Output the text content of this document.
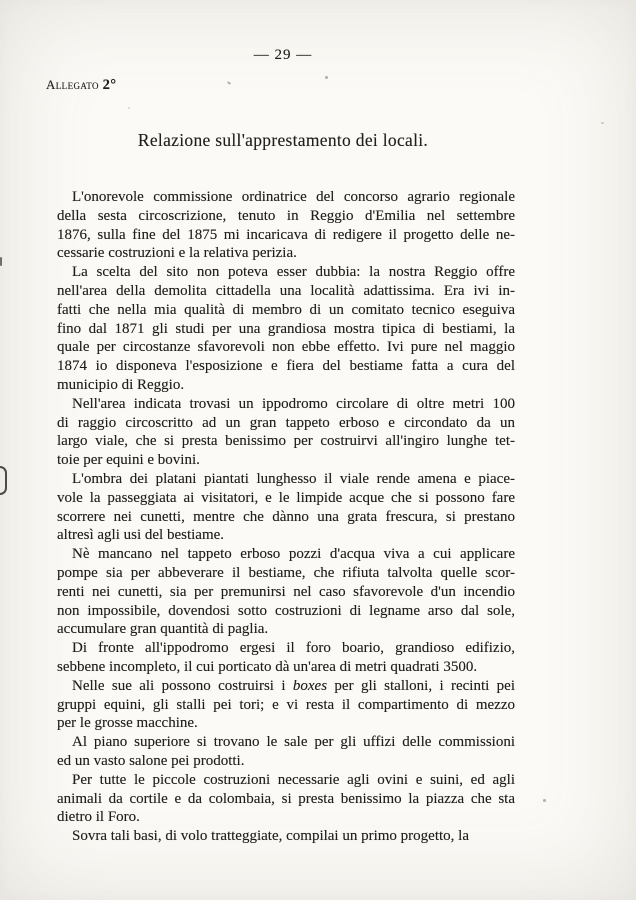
— 29 —
Allegato 2°
Relazione sull'apprestamento dei locali.
L'onorevole commissione ordinatrice del concorso agrario regionale
della sesta circoscrizione, tenuto in Reggio d'Emilia nel settembre
1876, sulla fine del 1875 mi incaricava di redigere il progetto delle ne-
cessarie costruzioni e la relativa perizia.
La scelta del sito non poteva esser dubbia: la nostra Reggio offre
nell'area della demolita cittadella una località adattissima. Era ivi in-
fatti che nella mia qualità di membro di un comitato tecnico eseguiva
fino dal 1871 gli studi per una grandiosa mostra tipica di bestiami, la
quale per circostanze sfavorevoli non ebbe effetto. Ivi pure nel maggio
1874 io disponeva l'esposizione e fiera del bestiame fatta a cura del
municipio di Reggio.
Nell'area indicata trovasi un ippodromo circolare di oltre metri 100
di raggio circoscritto ad un gran tappeto erboso e circondato da un
largo viale, che si presta benissimo per costruirvi all'ingiro lunghe tet-
toie per equini e bovini.
L'ombra dei platani piantati lunghesso il viale rende amena e piace-
vole la passeggiata ai visitatori, e le limpide acque che si possono fare
scorrere nei cunetti, mentre che dànno una grata frescura, si prestano
altresì agli usi del bestiame.
Nè mancano nel tappeto erboso pozzi d'acqua viva a cui applicare
pompe sia per abbeverare il bestiame, che rifiuta talvolta quelle scor-
renti nei cunetti, sia per premunirsi nel caso sfavorevole d'un incendio
non impossibile, dovendosi sotto costruzioni di legname arso dal sole,
accumulare gran quantità di paglia.
Di fronte all'ippodromo ergesi il foro boario, grandioso edifizio,
sebbene incompleto, il cui porticato dà un'area di metri quadrati 3500.
Nelle sue ali possono costruirsi i boxes per gli stalloni, i recinti pei
gruppi equini, gli stalli pei tori; e vi resta il compartimento di mezzo
per le grosse macchine.
Al piano superiore si trovano le sale per gli uffizi delle commissioni
ed un vasto salone pei prodotti.
Per tutte le piccole costruzioni necessarie agli ovini e suini, ed agli
animali da cortile e da colombaia, si presta benissimo la piazza che sta
dietro il Foro.
Sovra tali basi, di volo tratteggiate, compilai un primo progetto, la
